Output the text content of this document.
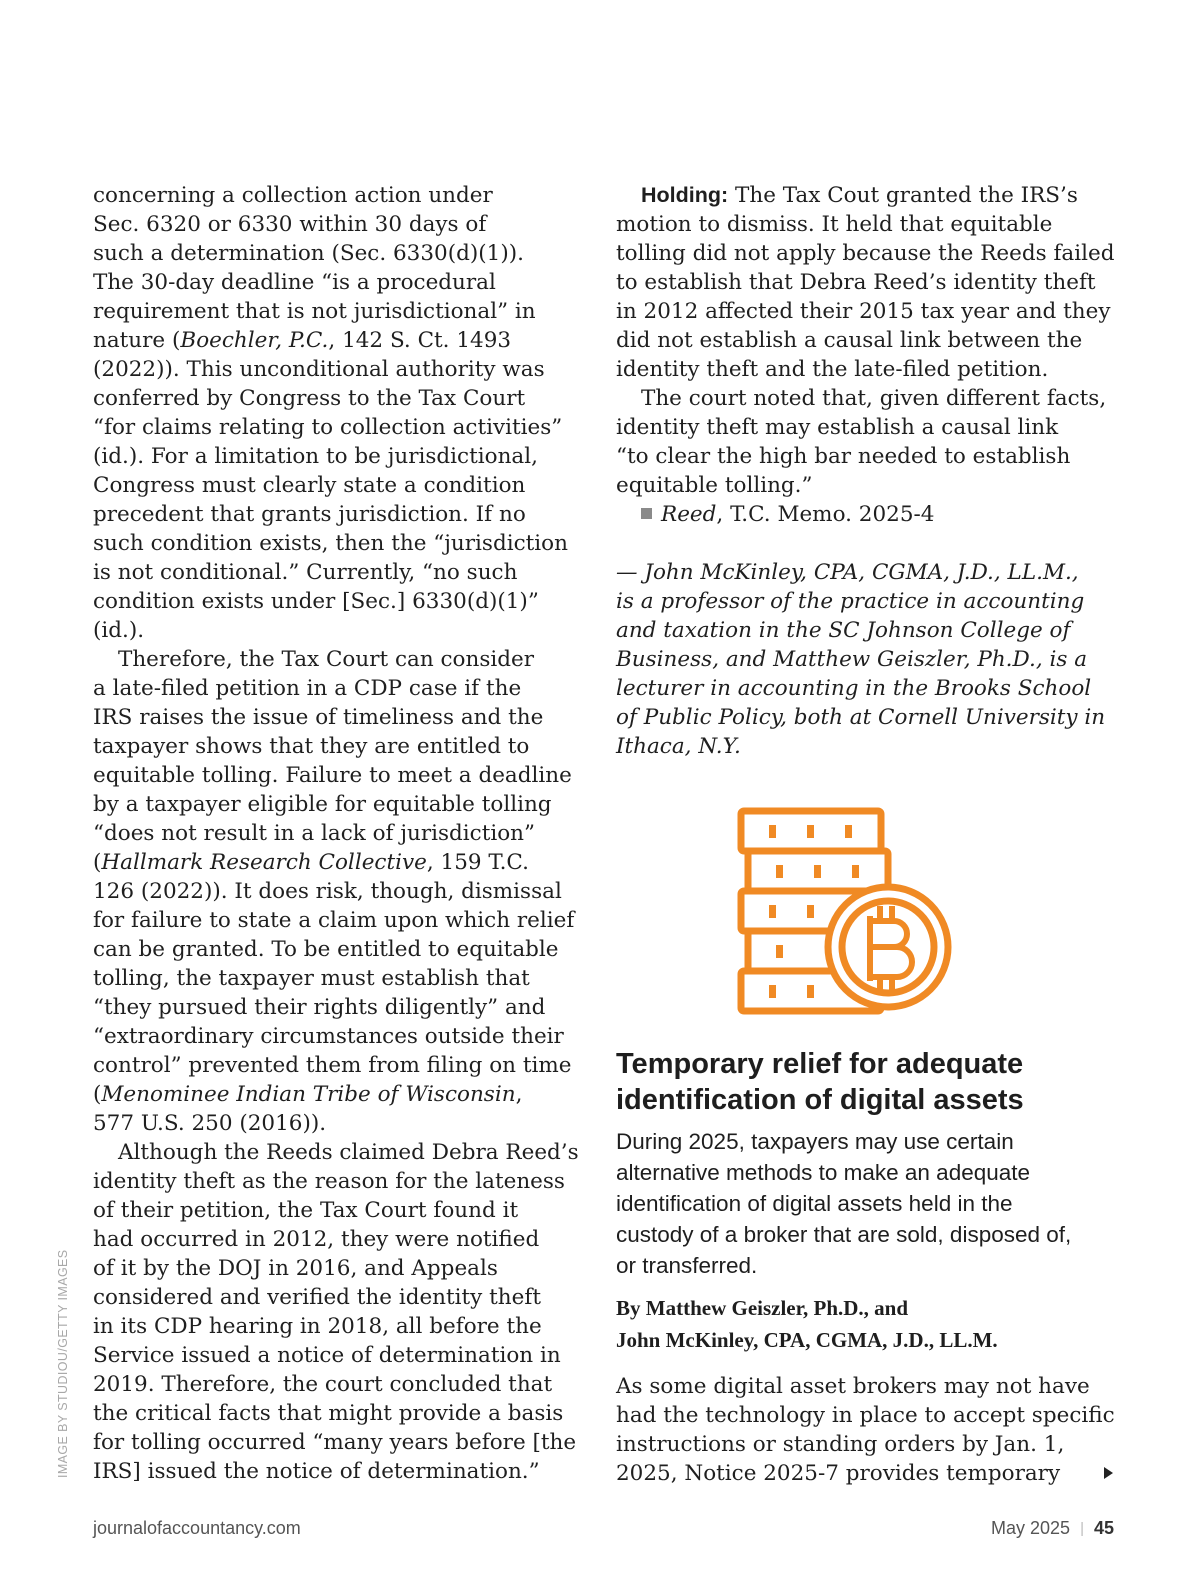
IMAGE BY STUDIOU/GETTY IMAGES
concerning a collection action under
Sec. 6320 or 6330 within 30 days of
such a determination (Sec. 6330(d)(1)).
The 30-day deadline “is a procedural
requirement that is not jurisdictional” in
nature (Boechler, P.C., 142 S. Ct. 1493
(2022)). This unconditional authority was
conferred by Congress to the Tax Court
“for claims relating to collection activities”
(id.). For a limitation to be jurisdictional,
Congress must clearly state a condition
precedent that grants jurisdiction. If no
such condition exists, then the “jurisdiction
is not conditional.” Currently, “no such
condition exists under [Sec.] 6330(d)(1)”
(id.).
Therefore, the Tax Court can consider
a late-filed petition in a CDP case if the
IRS raises the issue of timeliness and the
taxpayer shows that they are entitled to
equitable tolling. Failure to meet a deadline
by a taxpayer eligible for equitable tolling
“does not result in a lack of jurisdiction”
(Hallmark Research Collective, 159 T.C.
126 (2022)). It does risk, though, dismissal
for failure to state a claim upon which relief
can be granted. To be entitled to equitable
tolling, the taxpayer must establish that
“they pursued their rights diligently” and
“extraordinary circumstances outside their
control” prevented them from filing on time
(Menominee Indian Tribe of Wisconsin,
577 U.S. 250 (2016)).
Although the Reeds claimed Debra Reed’s
identity theft as the reason for the lateness
of their petition, the Tax Court found it
had occurred in 2012, they were notified
of it by the DOJ in 2016, and Appeals
considered and verified the identity theft
in its CDP hearing in 2018, all before the
Service issued a notice of determination in
2019. Therefore, the court concluded that
the critical facts that might provide a basis
for tolling occurred “many years before [the
IRS] issued the notice of determination.”
Holding: The Tax Cout granted the IRS’s
motion to dismiss. It held that equitable
tolling did not apply because the Reeds failed
to establish that Debra Reed’s identity theft
in 2012 affected their 2015 tax year and they
did not establish a causal link between the
identity theft and the late-filed petition.
The court noted that, given different facts,
identity theft may establish a causal link
“to clear the high bar needed to establish
equitable tolling.”
Reed, T.C. Memo. 2025-4
— John McKinley, CPA, CGMA, J.D., LL.M.,
is a professor of the practice in accounting
and taxation in the SC Johnson College of
Business, and Matthew Geiszler, Ph.D., is a
lecturer in accounting in the Brooks School
of Public Policy, both at Cornell University in
Ithaca, N.Y.
Temporary relief for adequate
identification of digital assets
During 2025, taxpayers may use certain
alternative methods to make an adequate
identification of digital assets held in the
custody of a broker that are sold, disposed of,
or transferred.
By Matthew Geiszler, Ph.D., and
John McKinley, CPA, CGMA, J.D., LL.M.
As some digital asset brokers may not have
had the technology in place to accept specific
instructions or standing orders by Jan. 1,
2025, Notice 2025-7 provides temporary
journalofaccountancy.com	May 2025 | 45
